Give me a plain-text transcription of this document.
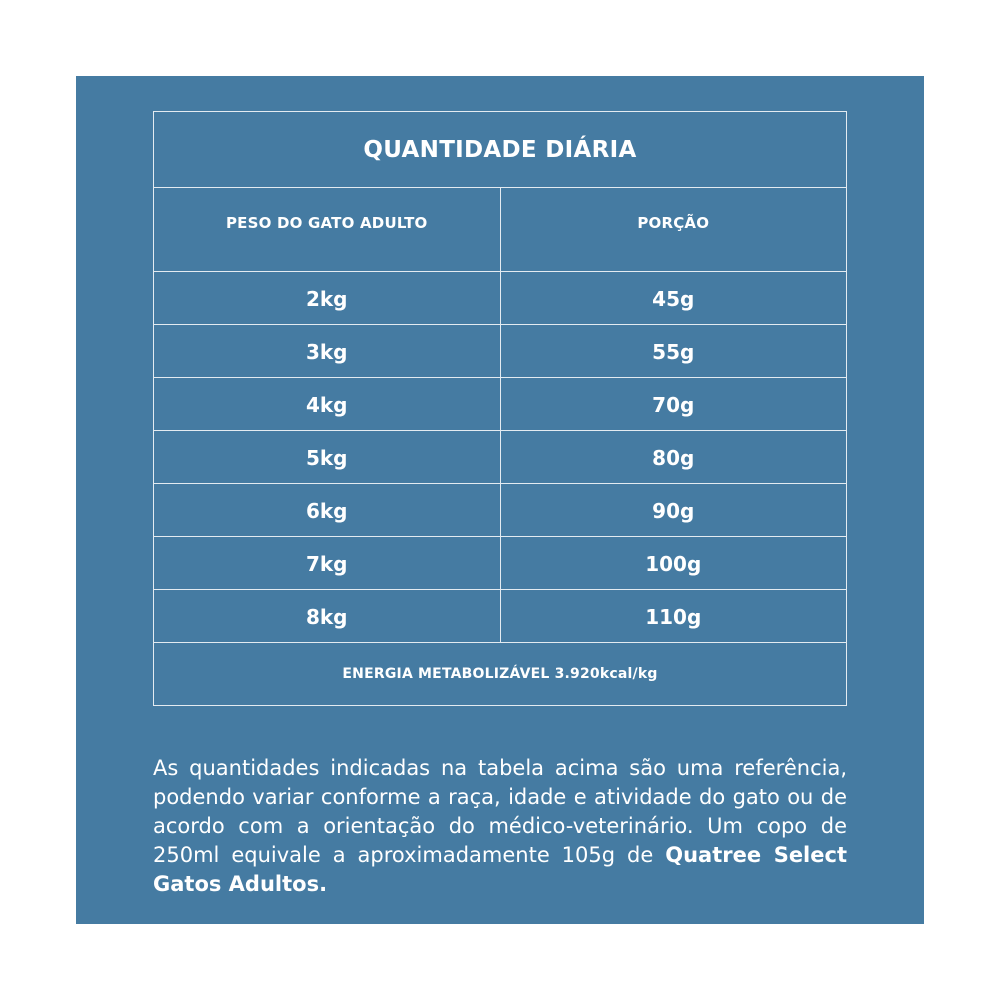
QUANTIDADE DIÁRIA
PESO DO GATO ADULTO	PORÇÃO
2kg	45g
3kg	55g
4kg	70g
5kg	80g
6kg	90g
7kg	100g
8kg	110g
ENERGIA METABOLIZÁVEL 3.920kcal/kg

As quantidades indicadas na tabela acima são uma referência, podendo variar conforme a raça, idade e atividade do gato ou de acordo com a orientação do médico-veterinário. Um copo de 250ml equivale a aproximadamente 105g de Quatree Select Gatos Adultos.
